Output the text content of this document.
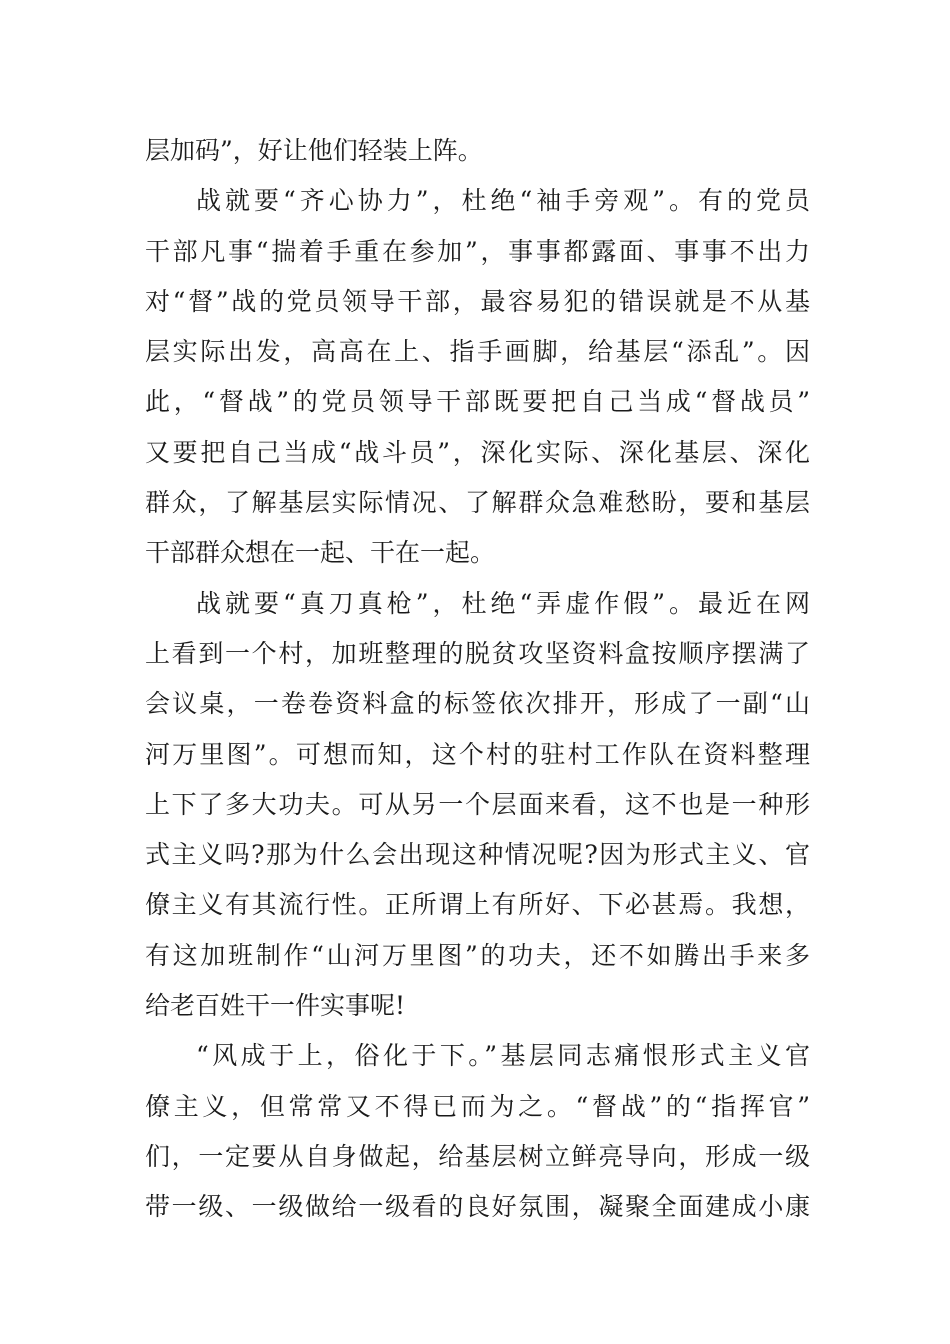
层加码”，好让他们轻装上阵。
战就要“齐心协力”，杜绝“袖手旁观”。有的党员
干部凡事“揣着手重在参加”，事事都露面、事事不出力
对“督”战的党员领导干部，最容易犯的错误就是不从基
层实际出发，高高在上、指手画脚，给基层“添乱”。因
此，“督战”的党员领导干部既要把自己当成“督战员”
又要把自己当成“战斗员”，深化实际、深化基层、深化
群众，了解基层实际情况、了解群众急难愁盼，要和基层
干部群众想在一起、干在一起。
战就要“真刀真枪”，杜绝“弄虚作假”。最近在网
上看到一个村，加班整理的脱贫攻坚资料盒按顺序摆满了
会议桌，一卷卷资料盒的标签依次排开，形成了一副“山
河万里图”。可想而知，这个村的驻村工作队在资料整理
上下了多大功夫。可从另一个层面来看，这不也是一种形
式主义吗?那为什么会出现这种情况呢?因为形式主义、官
僚主义有其流行性。正所谓上有所好、下必甚焉。我想，
有这加班制作“山河万里图”的功夫，还不如腾出手来多
给老百姓干一件实事呢!
“风成于上，俗化于下。”基层同志痛恨形式主义官
僚主义，但常常又不得已而为之。“督战”的“指挥官”
们，一定要从自身做起，给基层树立鲜亮导向，形成一级
带一级、一级做给一级看的良好氛围，凝聚全面建成小康
